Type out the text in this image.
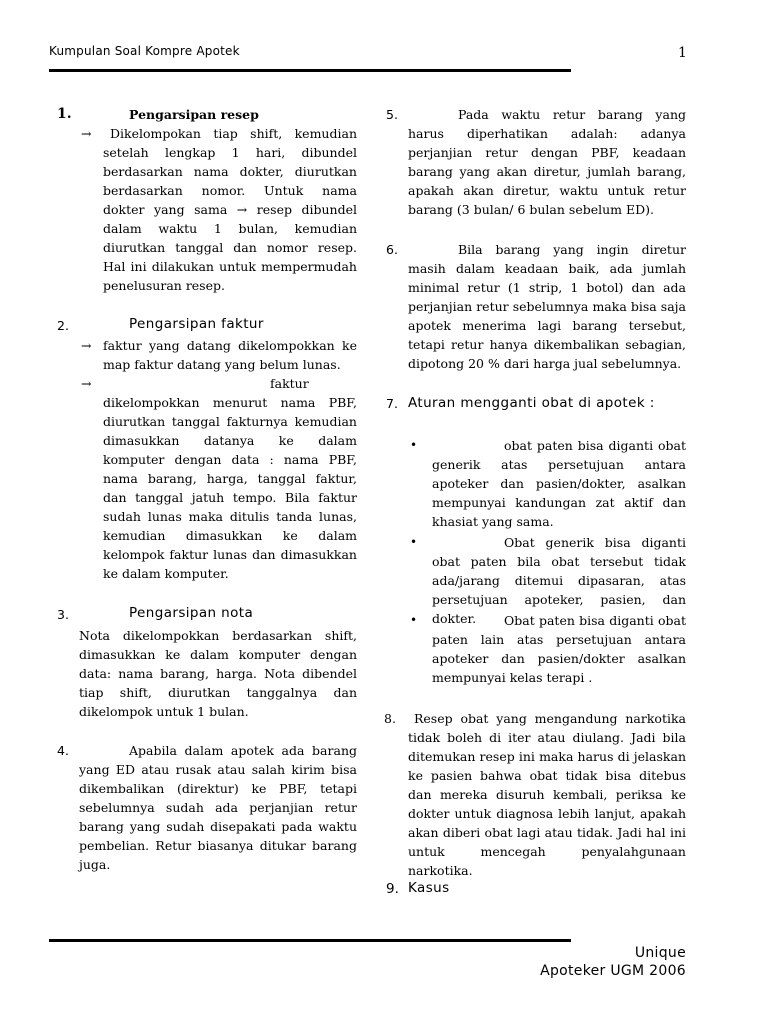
Kumpulan Soal Kompre Apotek	1
1.	Pengarsipan resep
→	Dikelompokan tiap shift, kemudian setelah lengkap 1 hari, dibundel berdasarkan nama dokter, diurutkan berdasarkan nomor. Untuk nama dokter yang sama → resep dibundel dalam waktu 1 bulan, kemudian diurutkan tanggal dan nomor resep. Hal ini dilakukan untuk mempermudah penelusuran resep.
2.	Pengarsipan faktur
→ faktur yang datang dikelompokkan ke map faktur datang yang belum lunas.
→	faktur
dikelompokkan menurut nama PBF, diurutkan tanggal fakturnya kemudian dimasukkan datanya ke dalam komputer dengan data : nama PBF, nama barang, harga, tanggal faktur, dan tanggal jatuh tempo. Bila faktur sudah lunas maka ditulis tanda lunas, kemudian dimasukkan ke dalam kelompok faktur lunas dan dimasukkan ke dalam komputer.
3.	Pengarsipan nota
Nota dikelompokkan berdasarkan shift, dimasukkan ke dalam komputer dengan data: nama barang, harga. Nota dibendel tiap shift, diurutkan tanggalnya dan dikelompok untuk 1 bulan.
4.	Apabila dalam apotek ada barang yang ED atau rusak atau salah kirim bisa dikembalikan (direktur) ke PBF, tetapi sebelumnya sudah ada perjanjian retur barang yang sudah disepakati pada waktu pembelian. Retur biasanya ditukar barang juga.
5.	Pada waktu retur barang yang harus diperhatikan adalah: adanya perjanjian retur dengan PBF, keadaan barang yang akan diretur, jumlah barang, apakah akan diretur, waktu untuk retur barang (3 bulan/ 6 bulan sebelum ED).
6.	Bila barang yang ingin diretur masih dalam keadaan baik, ada jumlah minimal retur (1 strip, 1 botol) dan ada perjanjian retur sebelumnya maka bisa saja apotek menerima lagi barang tersebut, tetapi retur hanya dikembalikan sebagian, dipotong 20 % dari harga jual sebelumnya.
7. Aturan mengganti obat di apotek :
•	obat paten bisa diganti obat generik atas persetujuan antara apoteker dan pasien/dokter, asalkan mempunyai kandungan zat aktif dan khasiat yang sama.
•	Obat generik bisa diganti obat paten bila obat tersebut tidak ada/jarang ditemui dipasaran, atas persetujuan apoteker, pasien, dan dokter.
•	Obat paten bisa diganti obat paten lain atas persetujuan antara apoteker dan pasien/dokter asalkan mempunyai kelas terapi .
8.	Resep obat yang mengandung narkotika tidak boleh di iter atau diulang. Jadi bila ditemukan resep ini maka harus di jelaskan ke pasien bahwa obat tidak bisa ditebus dan mereka disuruh kembali, periksa ke dokter untuk diagnosa lebih lanjut, apakah akan diberi obat lagi atau tidak. Jadi hal ini untuk mencegah penyalahgunaan narkotika.
9. Kasus
Unique
Apoteker UGM 2006
